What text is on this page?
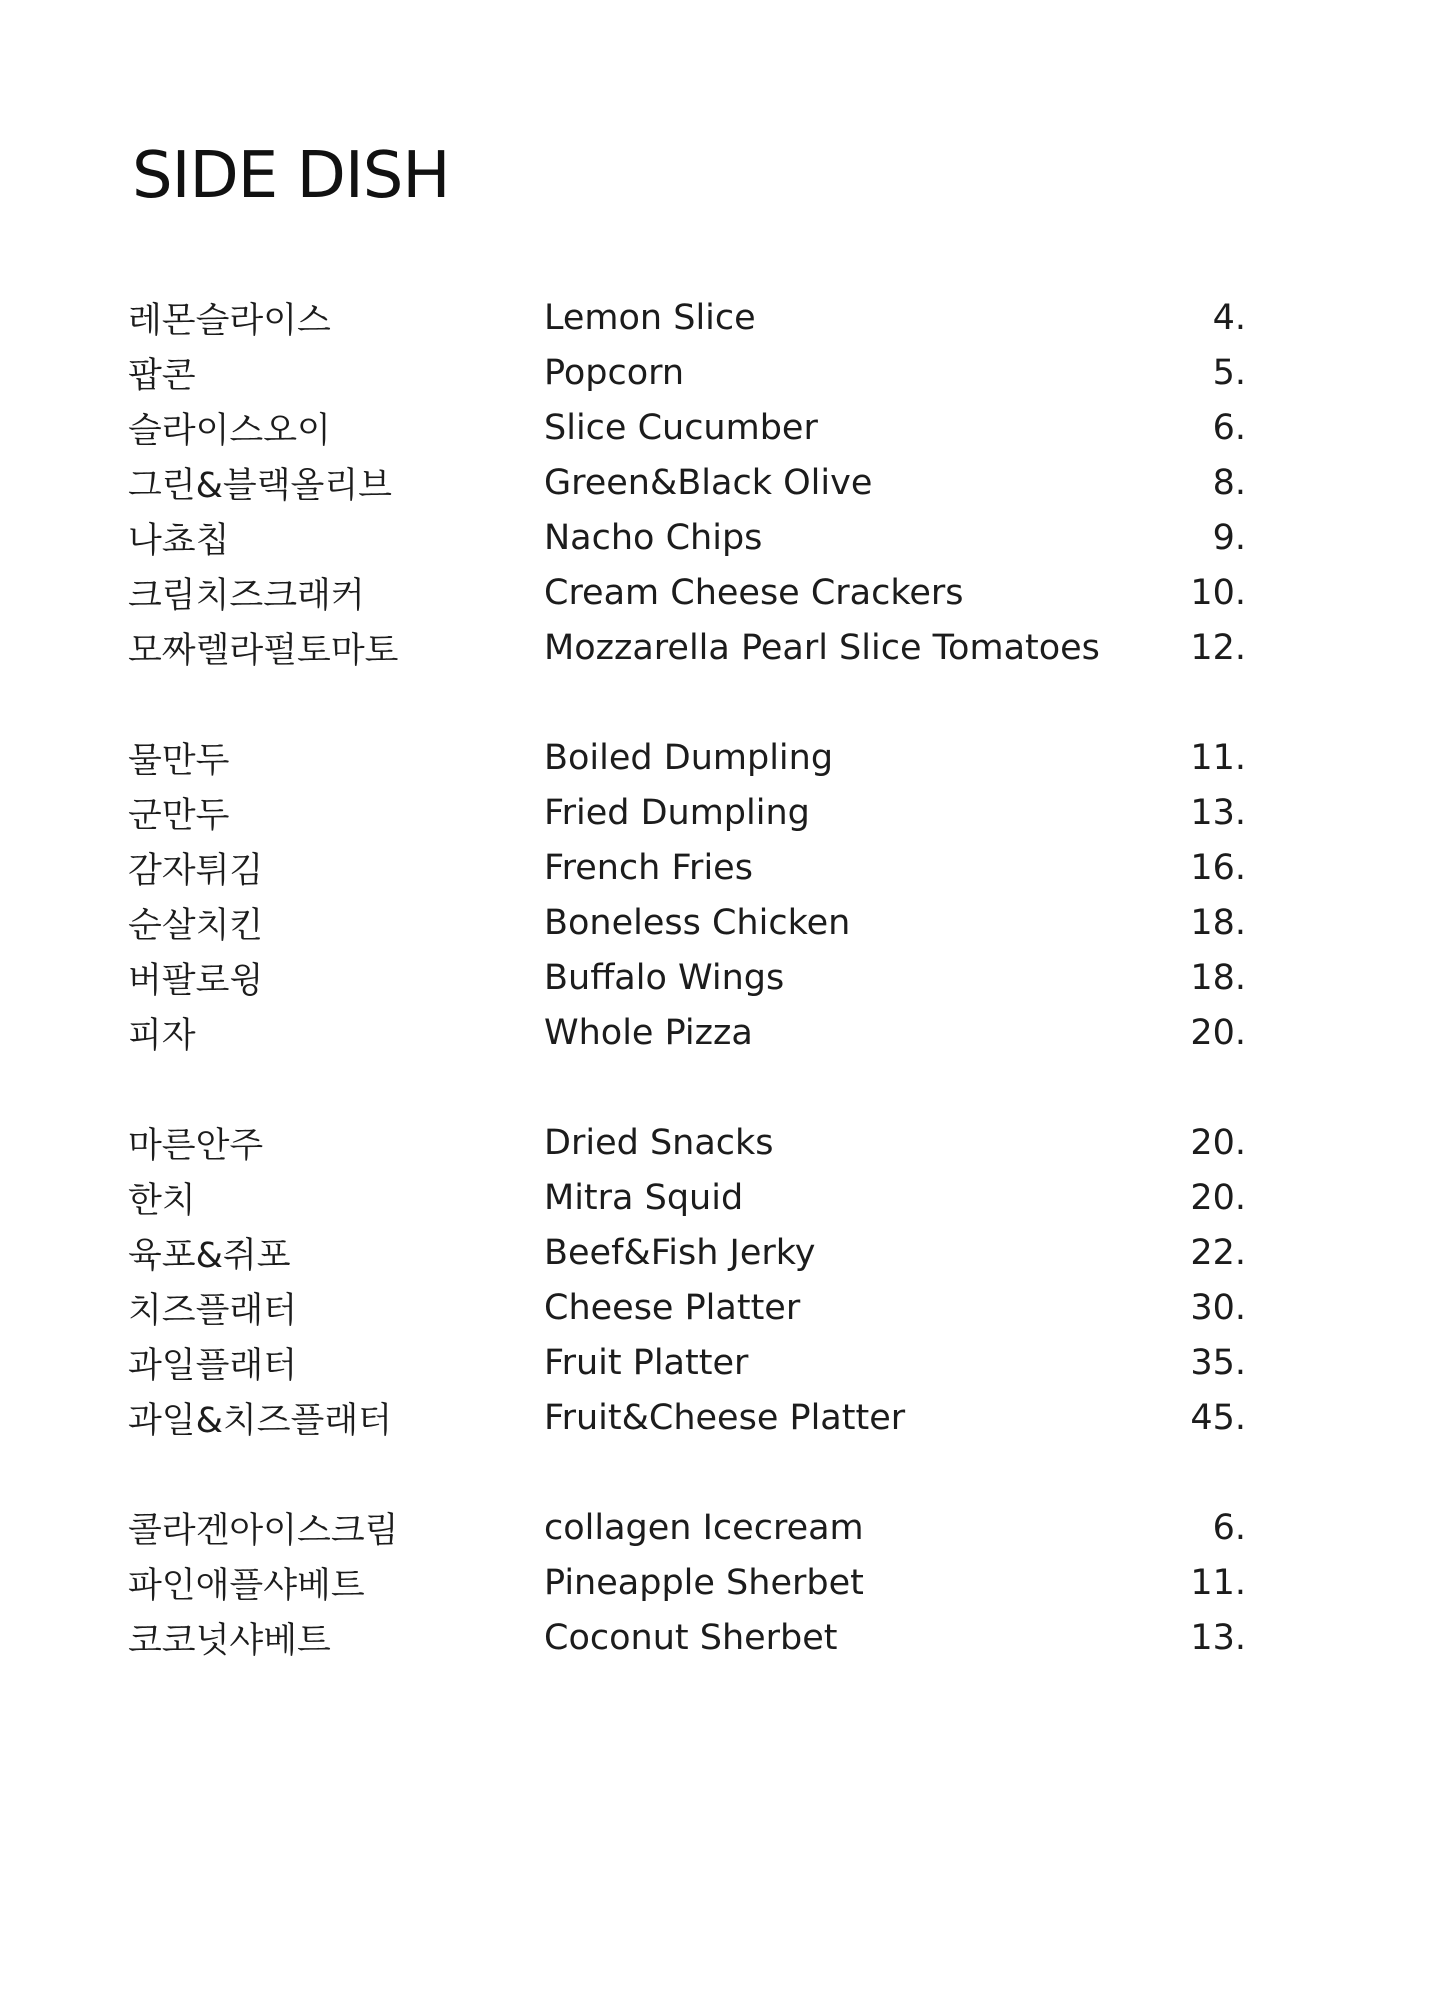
SIDE DISH
레몬슬라이스	Lemon Slice	4.
팝콘	Popcorn	5.
슬라이스오이	Slice Cucumber	6.
그린&블랙올리브	Green&Black Olive	8.
나쵸칩	Nacho Chips	9.
크림치즈크래커	Cream Cheese Crackers	10.
모짜렐라펄토마토	Mozzarella Pearl Slice Tomatoes	12.
물만두	Boiled Dumpling	11.
군만두	Fried Dumpling	13.
감자튀김	French Fries	16.
순살치킨	Boneless Chicken	18.
버팔로윙	Buffalo Wings	18.
피자	Whole Pizza	20.
마른안주	Dried Snacks	20.
한치	Mitra Squid	20.
육포&쥐포	Beef&Fish Jerky	22.
치즈플래터	Cheese Platter	30.
과일플래터	Fruit Platter	35.
과일&치즈플래터	Fruit&Cheese Platter	45.
콜라겐아이스크림	collagen Icecream	6.
파인애플샤베트	Pineapple Sherbet	11.
코코넛샤베트	Coconut Sherbet	13.
